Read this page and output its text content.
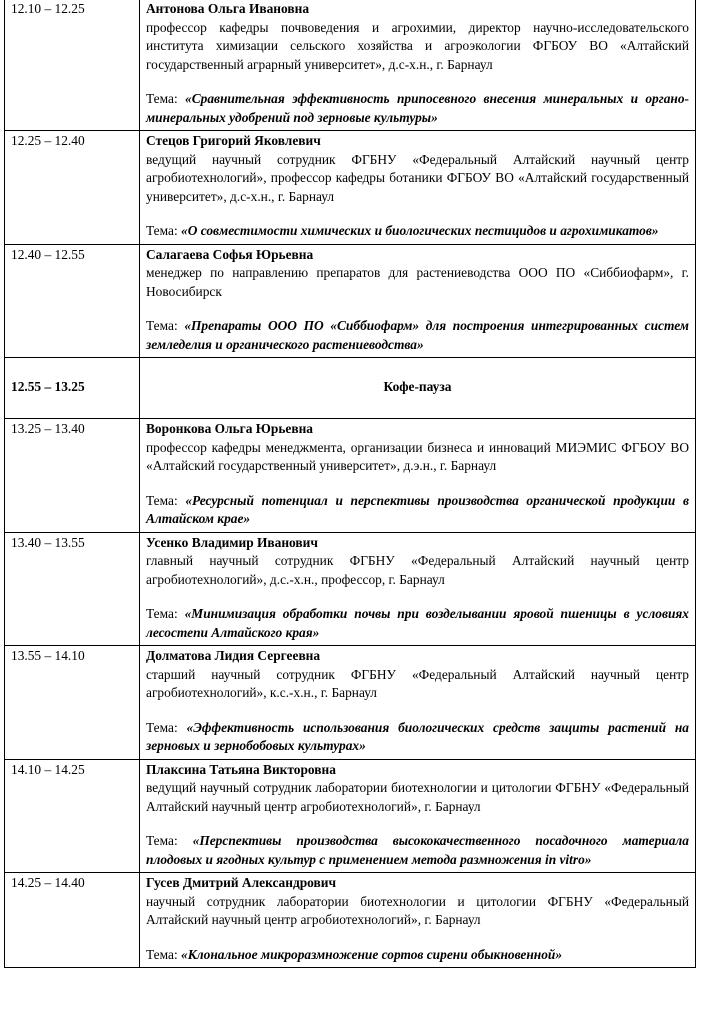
12.10 – 12.25	Антонова Ольга Ивановна
профессор кафедры почвоведения и агрохимии, директор научно-исследовательского института химизации сельского хозяйства и агроэкологии ФГБОУ ВО «Алтайский государственный аграрный университет», д.с-х.н., г. Барнаул
Тема: «Сравнительная эффективность припосевного внесения минеральных и органо-минеральных удобрений под зерновые культуры»

12.25 – 12.40	Стецов Григорий Яковлевич
ведущий научный сотрудник ФГБНУ «Федеральный Алтайский научный центр агробиотехнологий», профессор кафедры ботаники ФГБОУ ВО «Алтайский государственный университет», д.с-х.н., г. Барнаул
Тема: «О совместимости химических и биологических пестицидов и агрохимикатов»

12.40 – 12.55	Салагаева Софья Юрьевна
менеджер по направлению препаратов для растениеводства ООО ПО «Сиббиофарм», г. Новосибирск
Тема: «Препараты ООО ПО «Сиббиофарм» для построения интегрированных систем земледелия и органического растениеводства»

12.55 – 13.25	Кофе-пауза
13.25 – 13.40	Воронкова Ольга Юрьевна
профессор кафедры менеджмента, организации бизнеса и инноваций МИЭМИС ФГБОУ ВО «Алтайский государственный университет», д.э.н., г. Барнаул
Тема: «Ресурсный потенциал и перспективы производства органической продукции в Алтайском крае»

13.40 – 13.55	Усенко Владимир Иванович
главный научный сотрудник ФГБНУ «Федеральный Алтайский научный центр агробиотехнологий», д.с.-х.н., профессор, г. Барнаул
Тема: «Минимизация обработки почвы при возделывании яровой пшеницы в условиях лесостепи Алтайского края»

13.55 – 14.10	Долматова Лидия Сергеевна
старший научный сотрудник ФГБНУ «Федеральный Алтайский научный центр агробиотехнологий», к.с.-х.н., г. Барнаул
Тема: «Эффективность использования биологических средств защиты растений на зерновых и зернобобовых культурах»

14.10 – 14.25	Плаксина Татьяна Викторовна
ведущий научный сотрудник лаборатории биотехнологии и цитологии ФГБНУ «Федеральный Алтайский научный центр агробиотехнологий», г. Барнаул
Тема: «Перспективы производства высококачественного посадочного материала плодовых и ягодных культур с применением метода размножения in vitro»

14.25 – 14.40	Гусев Дмитрий Александрович
научный сотрудник лаборатории биотехнологии и цитологии ФГБНУ «Федеральный Алтайский научный центр агробиотехнологий», г. Барнаул
Тема: «Клональное микроразмножение сортов сирени обыкновенной»
